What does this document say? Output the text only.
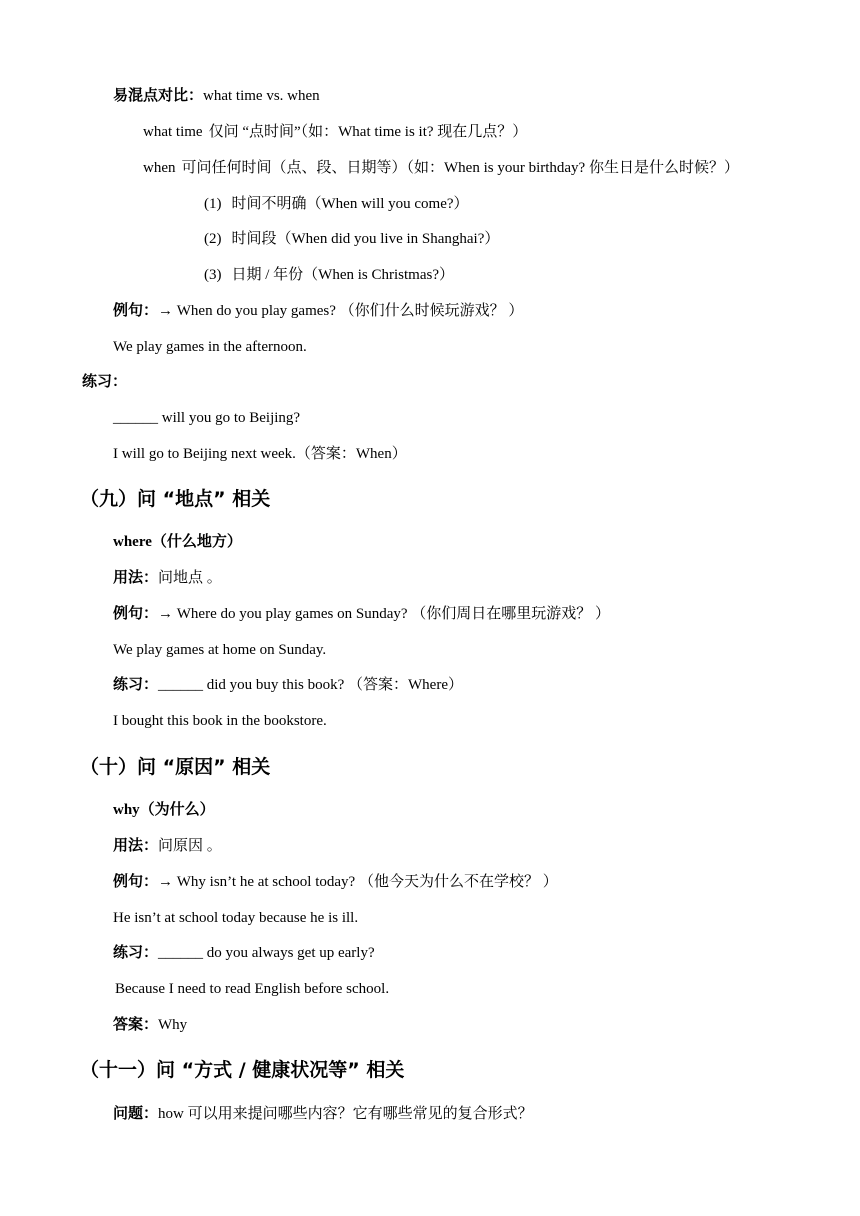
易混点对比：what time vs. when
what time 仅问 “点时间”（如：What time is it? 现在几点？）
when 可问任何时间（点、段、日期等）（如：When is your birthday? 你生日是什么时候？）
(1) 时间不明确（When will you come?）
(2) 时间段（When did you live in Shanghai?）
(3) 日期 / 年份（When is Christmas?）
例句：→ When do you play games? （你们什么时候玩游戏？ ）
We play games in the afternoon.
练习：
______ will you go to Beijing?
I will go to Beijing next week.（答案：When）
（九）问 “地点” 相关
where（什么地方）
用法：问地点 。
例句：→ Where do you play games on Sunday? （你们周日在哪里玩游戏？ ）
We play games at home on Sunday.
练习：______ did you buy this book? （答案：Where）
I bought this book in the bookstore.
（十）问 “原因” 相关
why（为什么）
用法：问原因 。
例句：→ Why isn’t he at school today? （他今天为什么不在学校？ ）
He isn’t at school today because he is ill.
练习：______ do you always get up early?
Because I need to read English before school.
答案：Why
（十一）问 “方式 / 健康状况等” 相关
问题：how 可以用来提问哪些内容？它有哪些常见的复合形式？
